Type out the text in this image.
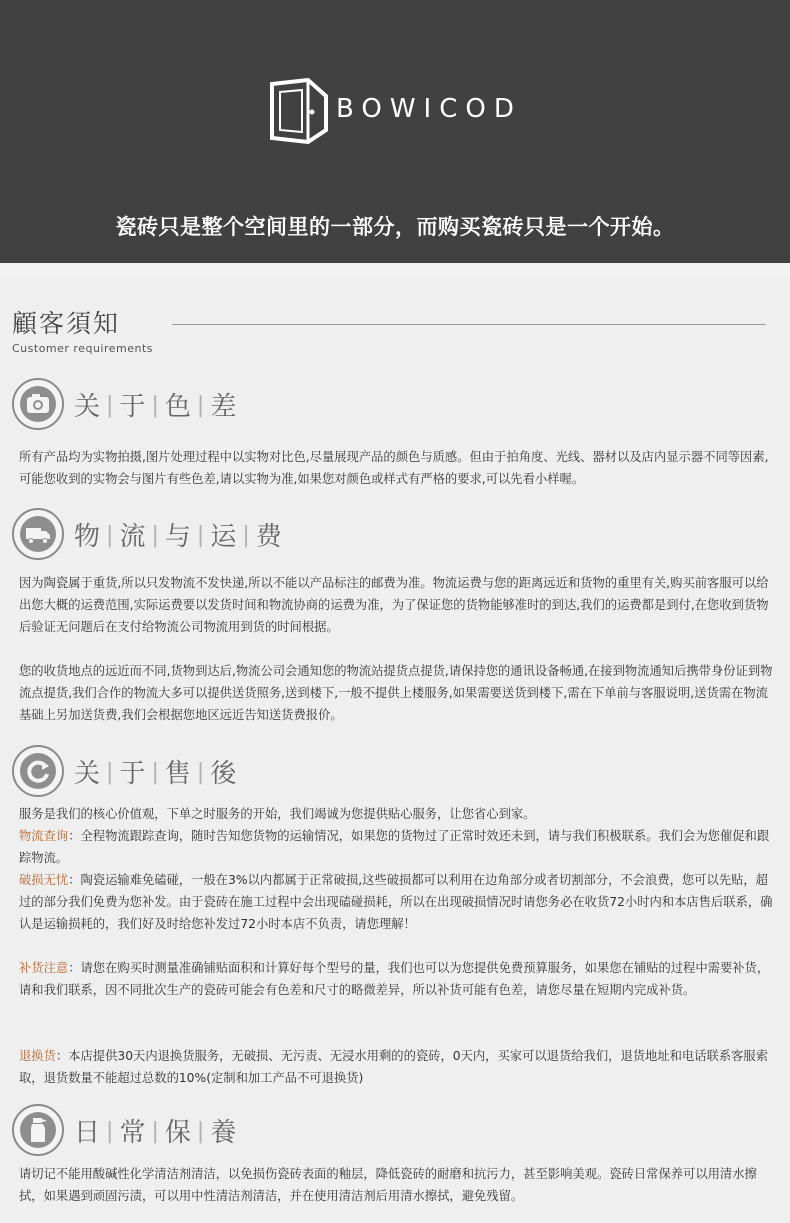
BOWICOD
瓷砖只是整个空间里的一部分，而购买瓷砖只是一个开始。
顧客須知
Customer requirements
关 | 于 | 色 | 差
所有产品均为实物拍摄,图片处理过程中以实物对比色,尽量展现产品的颜色与质感。但由于拍角度、光线、器材以及店内显示器不同等因素,可能您收到的实物会与图片有些色差,请以实物为准,如果您对颜色或样式有严格的要求,可以先看小样喔。
物 | 流 | 与 | 运 | 费
因为陶瓷属于重货,所以只发物流不发快递,所以不能以产品标注的邮费为准。物流运费与您的距离远近和货物的重里有关,购买前客服可以给出您大概的运费范围,实际运费要以发货时间和物流协商的运费为准，为了保证您的货物能够准时的到达,我们的运费都是到付,在您收到货物后验证无问题后在支付给物流公司物流用到货的时间根据。
您的收货地点的远近而不同,货物到达后,物流公司会通知您的物流站提货点提货,请保持您的通讯设备畅通,在接到物流通知后携带身份证到物流点提货,我们合作的物流大多可以提供送货照务,送到楼下,一般不提供上楼服务,如果需要送货到楼下,需在下单前与客服说明,送货需在物流基础上另加送货费,我们会根据您地区远近告知送货费报价。
关 | 于 | 售 | 後
服务是我们的核心价值观，下单之时服务的开始，我们竭诚为您提供贴心服务，让您省心到家。
物流查询：全程物流跟踪查询，随时告知您货物的运输情况，如果您的货物过了正常时效还未到，请与我们积极联系。我们会为您催促和跟踪物流。
破损无忧：陶瓷运输难免磕碰，一般在3%以内都属于正常破损,这些破损都可以利用在边角部分或者切割部分，不会浪费，您可以先贴，超过的部分我们免费为您补发。由于瓷砖在施工过程中会出现磕碰损耗，所以在出现破损情况时请您务必在收货72小时内和本店售后联系，确认是运输损耗的，我们好及时给您补发过72小时本店不负责，请您理解！
补货注意：请您在购买时测量准确铺贴面积和计算好每个型号的量，我们也可以为您提供免费预算服务，如果您在铺贴的过程中需要补货，请和我们联系，因不同批次生产的瓷砖可能会有色差和尺寸的略微差异，所以补货可能有色差，请您尽量在短期内完成补货。
退换货：本店提供30天内退换货服务，无破损、无污责、无浸水用剩的的瓷砖，0天内，买家可以退货给我们，退货地址和电话联系客服索取，退货数量不能超过总数的10%(定制和加工产品不可退换货)
日 | 常 | 保 | 養
请切记不能用酸碱性化学清洁剂清洁，以免损伤瓷砖表面的釉层，降低瓷砖的耐磨和抗污力，甚至影响美观。瓷砖日常保养可以用清水擦拭，如果遇到顽固污渍，可以用中性清洁剂清洁，并在使用清洁剂后用清水擦拭，避免残留。
